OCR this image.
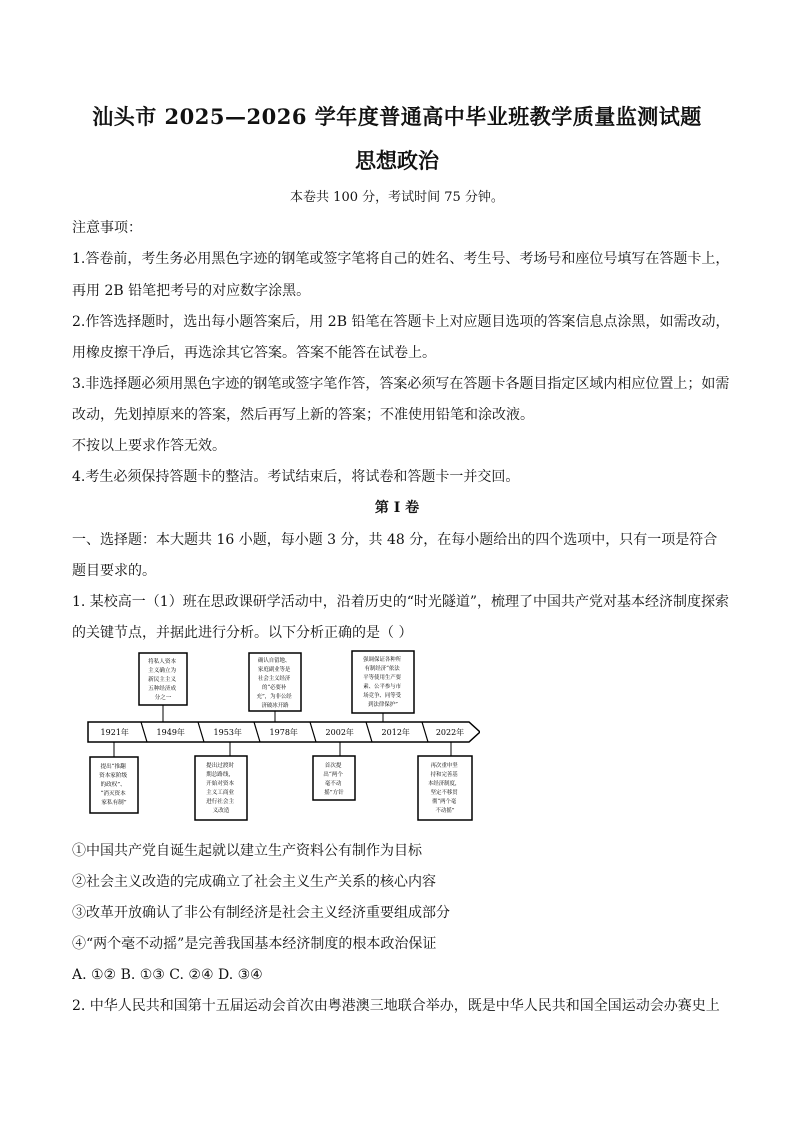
汕头市 2025—2026 学年度普通高中毕业班教学质量监测试题
思想政治
本卷共 100 分，考试时间 75 分钟。
注意事项：
1.答卷前，考生务必用黑色字迹的钢笔或签字笔将自己的姓名、考生号、考场号和座位号填写在答题卡上，
再用 2B 铅笔把考号的对应数字涂黑。
2.作答选择题时，选出每小题答案后，用 2B 铅笔在答题卡上对应题目选项的答案信息点涂黑，如需改动，
用橡皮擦干净后，再选涂其它答案。答案不能答在试卷上。
3.非选择题必须用黑色字迹的钢笔或签字笔作答，答案必须写在答题卡各题目指定区域内相应位置上；如需
改动，先划掉原来的答案，然后再写上新的答案；不准使用铅笔和涂改液。
不按以上要求作答无效。
4.考生必须保持答题卡的整洁。考试结束后，将试卷和答题卡一并交回。
第 I 卷
一、选择题：本大题共 16 小题，每小题 3 分，共 48 分，在每小题给出的四个选项中，只有一项是符合
题目要求的。
1. 某校高一（1）班在思政课研学活动中，沿着历史的“时光隧道”，梳理了中国共产党对基本经济制度探索
的关键节点，并据此进行分析。以下分析正确的是（ ）
将私人资本 主义确立为 新民主主义 五种经济成 分之一
确认自留地、 家庭副业等是 社会主义经济 的“必要补 充”，为非公经 济破冰开路
强调保证各种所 有制经济“依法 平等使用生产要 素、公平参与市 场竞争、同等受 到法律保护”
1921年	1949年	1953年	1978年	2002年	2012年	2022年
提出“推翻 资本家阶级 的政权”、 “消灭资本 家私有制”
提出过渡时 期总路线， 开始对资本 主义工商业 进行社会主 义改造
首次提 出“两个 毫不动 摇”方针
再次重申坚 持和完善基 本经济制度， 坚定不移贯 彻“两个毫 不动摇”
①中国共产党自诞生起就以建立生产资料公有制作为目标
②社会主义改造的完成确立了社会主义生产关系的核心内容
③改革开放确认了非公有制经济是社会主义经济重要组成部分
④“两个毫不动摇”是完善我国基本经济制度的根本政治保证
A. ①② B. ①③ C. ②④ D. ③④
2. 中华人民共和国第十五届运动会首次由粤港澳三地联合举办，既是中华人民共和国全国运动会办赛史上
